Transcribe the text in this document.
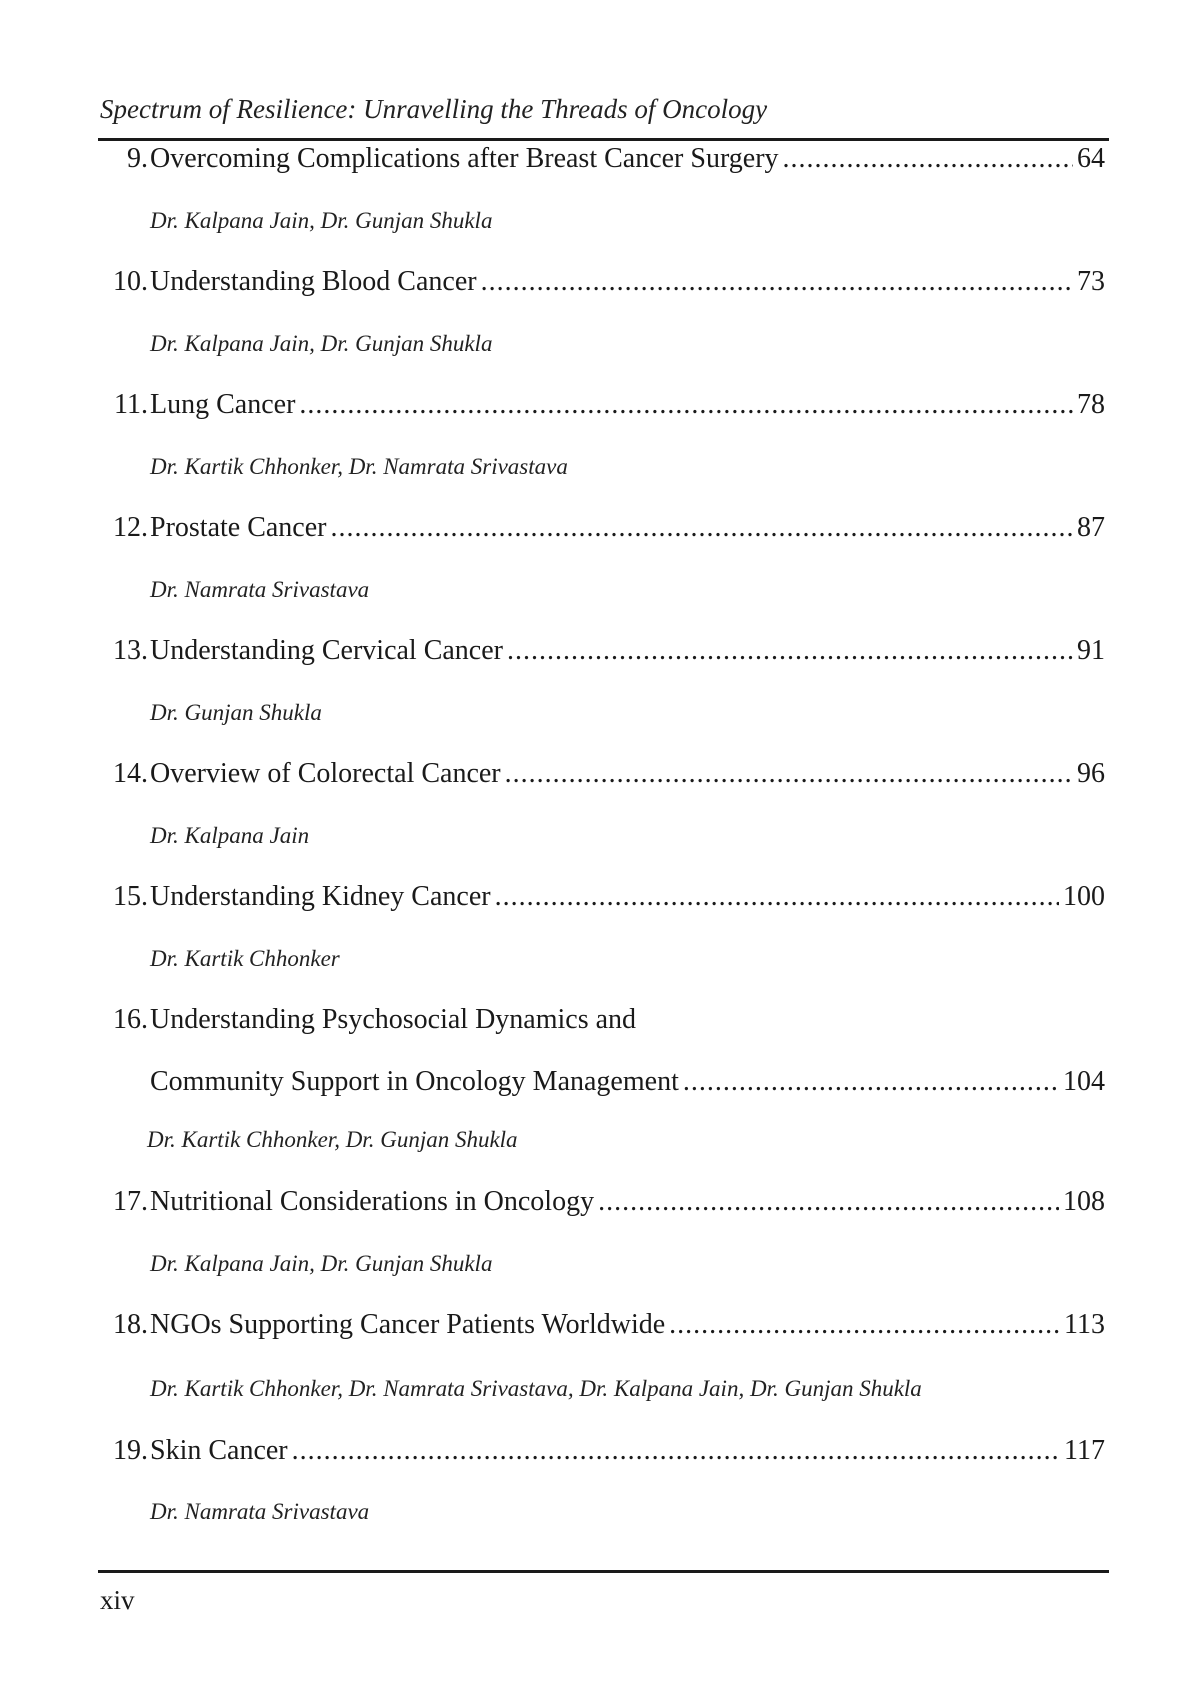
Spectrum of Resilience: Unravelling the Threads of Oncology
9. Overcoming Complications after Breast Cancer Surgery .....	64
Dr. Kalpana Jain, Dr. Gunjan Shukla
10. Understanding Blood Cancer .....	73
Dr. Kalpana Jain, Dr. Gunjan Shukla
11. Lung Cancer .....	78
Dr. Kartik Chhonker, Dr. Namrata Srivastava
12. Prostate Cancer .....	87
Dr. Namrata Srivastava
13. Understanding Cervical Cancer .....	91
Dr. Gunjan Shukla
14. Overview of Colorectal Cancer .....	96
Dr. Kalpana Jain
15. Understanding Kidney Cancer .....	100
Dr. Kartik Chhonker
16. Understanding Psychosocial Dynamics and
Community Support in Oncology Management .....	104
Dr. Kartik Chhonker, Dr. Gunjan Shukla
17. Nutritional Considerations in Oncology .....	108
Dr. Kalpana Jain, Dr. Gunjan Shukla
18. NGOs Supporting Cancer Patients Worldwide .....	113
Dr. Kartik Chhonker, Dr. Namrata Srivastava, Dr. Kalpana Jain, Dr. Gunjan Shukla
19. Skin Cancer .....	117
Dr. Namrata Srivastava
xiv
